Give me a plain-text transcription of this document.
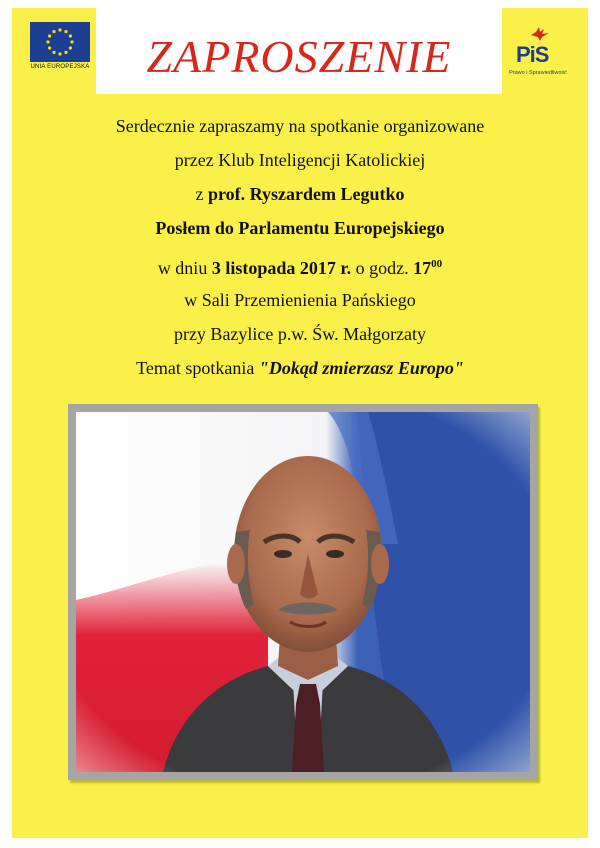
UNIA EUROPEJSKA	ZAPROSZENIE	PiS
Prawo i Sprawiedliwość
Serdecznie zapraszamy na spotkanie organizowane
przez Klub Inteligencji Katolickiej
z prof. Ryszardem Legutko
Posłem do Parlamentu Europejskiego
w dniu 3 listopada 2017 r. o godz. $17^{00}$
w Sali Przemienienia Pańskiego
przy Bazylice p.w. Św. Małgorzaty
Temat spotkania "Dokąd zmierzasz Europo"
